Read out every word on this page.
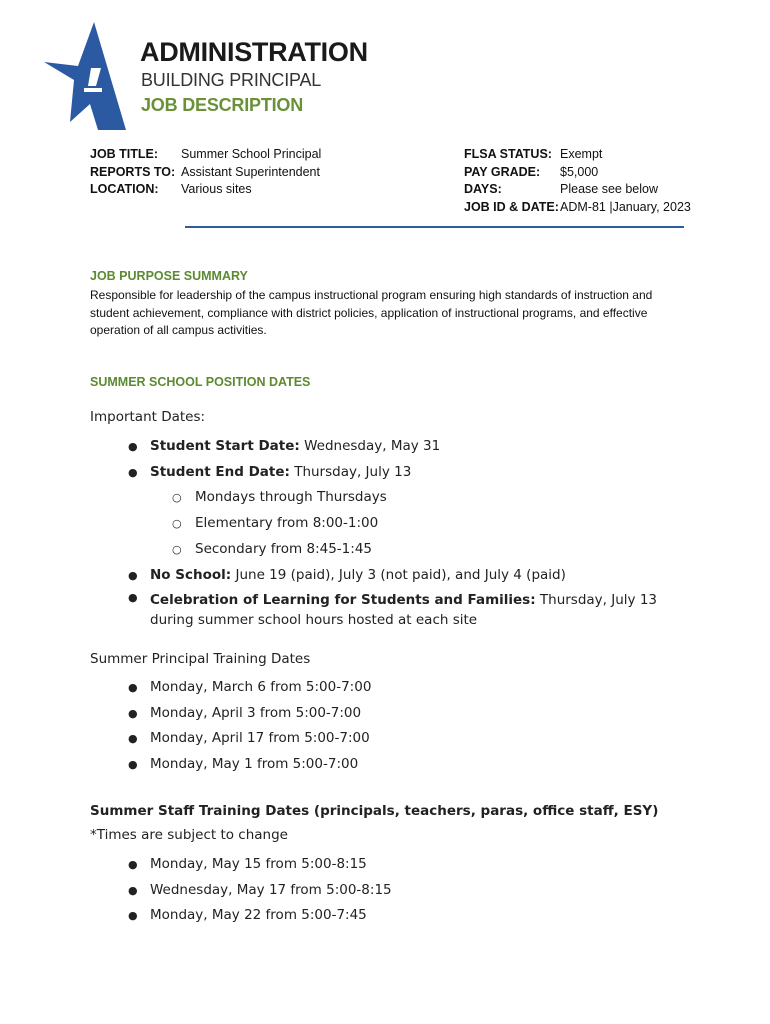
ADMINISTRATION
BUILDING PRINCIPAL
JOB DESCRIPTION
JOB TITLE:	Summer School Principal
REPORTS TO: Assistant Superintendent
LOCATION:	Various sites
FLSA STATUS: Exempt
PAY GRADE:	$5,000
DAYS:	Please see below
JOB ID & DATE: ADM-81 |January, 2023
JOB PURPOSE SUMMARY
Responsible for leadership of the campus instructional program ensuring high standards of instruction and student achievement, compliance with district policies, application of instructional programs, and effective operation of all campus activities.
SUMMER SCHOOL POSITION DATES
Important Dates:
● Student Start Date: Wednesday, May 31
● Student End Date: Thursday, July 13
○ Mondays through Thursdays
○ Elementary from 8:00-1:00
○ Secondary from 8:45-1:45
● No School: June 19 (paid), July 3 (not paid), and July 4 (paid)
● Celebration of Learning for Students and Families: Thursday, July 13 during summer school hours hosted at each site
Summer Principal Training Dates
● Monday, March 6 from 5:00-7:00
● Monday, April 3 from 5:00-7:00
● Monday, April 17 from 5:00-7:00
● Monday, May 1 from 5:00-7:00
Summer Staff Training Dates (principals, teachers, paras, office staff, ESY)
*Times are subject to change
● Monday, May 15 from 5:00-8:15
● Wednesday, May 17 from 5:00-8:15
● Monday, May 22 from 5:00-7:45
